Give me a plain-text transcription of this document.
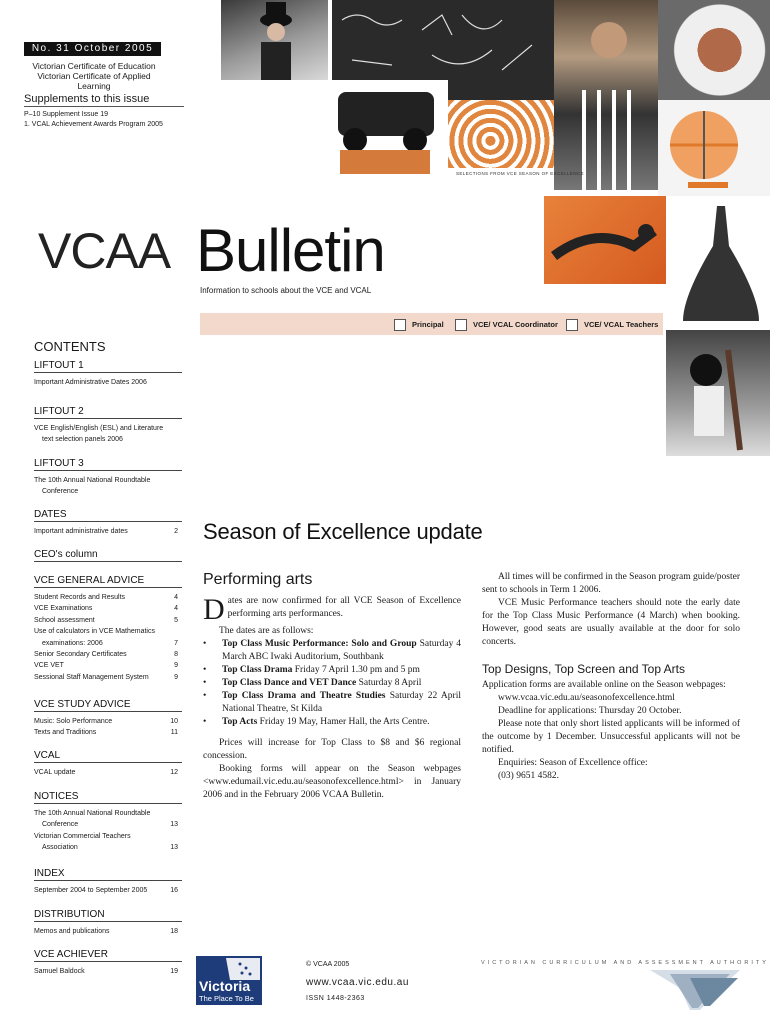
No. 31 October 2005
Victorian Certificate of Education
Victorian Certificate of Applied Learning
Supplements to this issue
P–10 Supplement Issue 19
1. VCAL Achievement Awards Program 2005
SELECTIONS FROM VCE SEASON OF EXCELLENCE
VCAA Bulletin
Information to schools about the VCE and VCAL
Principal	VCE/ VCAL Coordinator	VCE/ VCAL Teachers
CONTENTS
LIFTOUT 1
Important Administrative Dates 2006
LIFTOUT 2
VCE English/English (ESL) and Literature
text selection panels 2006
LIFTOUT 3
The 10th Annual National Roundtable
Conference
DATES
Important administrative dates	2
CEO's column
VCE GENERAL ADVICE
Student Records and Results	4
VCE Examinations	4
School assessment	5
Use of calculators in VCE Mathematics
examinations: 2006	7
Senior Secondary Certificates	8
VCE VET	9
Sessional Staff Management System	9
VCE STUDY ADVICE
Music: Solo Performance	10
Texts and Traditions	11
VCAL
VCAL update	12
NOTICES
The 10th Annual National Roundtable
Conference	13
Victorian Commercial Teachers
Association	13
INDEX
September 2004 to September 2005	16
DISTRIBUTION
Memos and publications	18
VCE ACHIEVER
Samuel Baldock	19
Season of Excellence update
Performing arts

Dates are now confirmed for all VCE Season of Excellence performing arts performances.

The dates are as follows:

• Top Class Music Performance: Solo and Group Saturday 4 March ABC Iwaki Auditorium, Southbank
• Top Class Drama Friday 7 April 1.30 pm and 5 pm
• Top Class Dance and VET Dance Saturday 8 April
• Top Class Drama and Theatre Studies Saturday 22 April National Theatre, St Kilda
• Top Acts Friday 19 May, Hamer Hall, the Arts Centre.

Prices will increase for Top Class to $8 and $6 regional concession.

Booking forms will appear on the Season webpages <www.edumail.vic.edu.au/seasonofexcellence.html> in January 2006 and in the February 2006 VCAA Bulletin.

All times will be confirmed in the Season program guide/poster sent to schools in Term 1 2006.

VCE Music Performance teachers should note the early date for the Top Class Music Performance (4 March) when booking. However, good seats are usually available at the door for solo concerts.

Top Designs, Top Screen and Top Arts

Application forms are available online on the Season webpages:

www.vcaa.vic.edu.au/seasonofexcellence.html

Deadline for applications: Thursday 20 October.

Please note that only short listed applicants will be informed of the outcome by 1 December. Unsuccessful applicants will not be notified.

Enquiries: Season of Excellence office:

(03) 9651 4582.

Victoria
The Place To Be
© VCAA 2005
www.vcaa.vic.edu.au
ISSN 1448-2363
VICTORIAN CURRICULUM AND ASSESSMENT AUTHORITY
